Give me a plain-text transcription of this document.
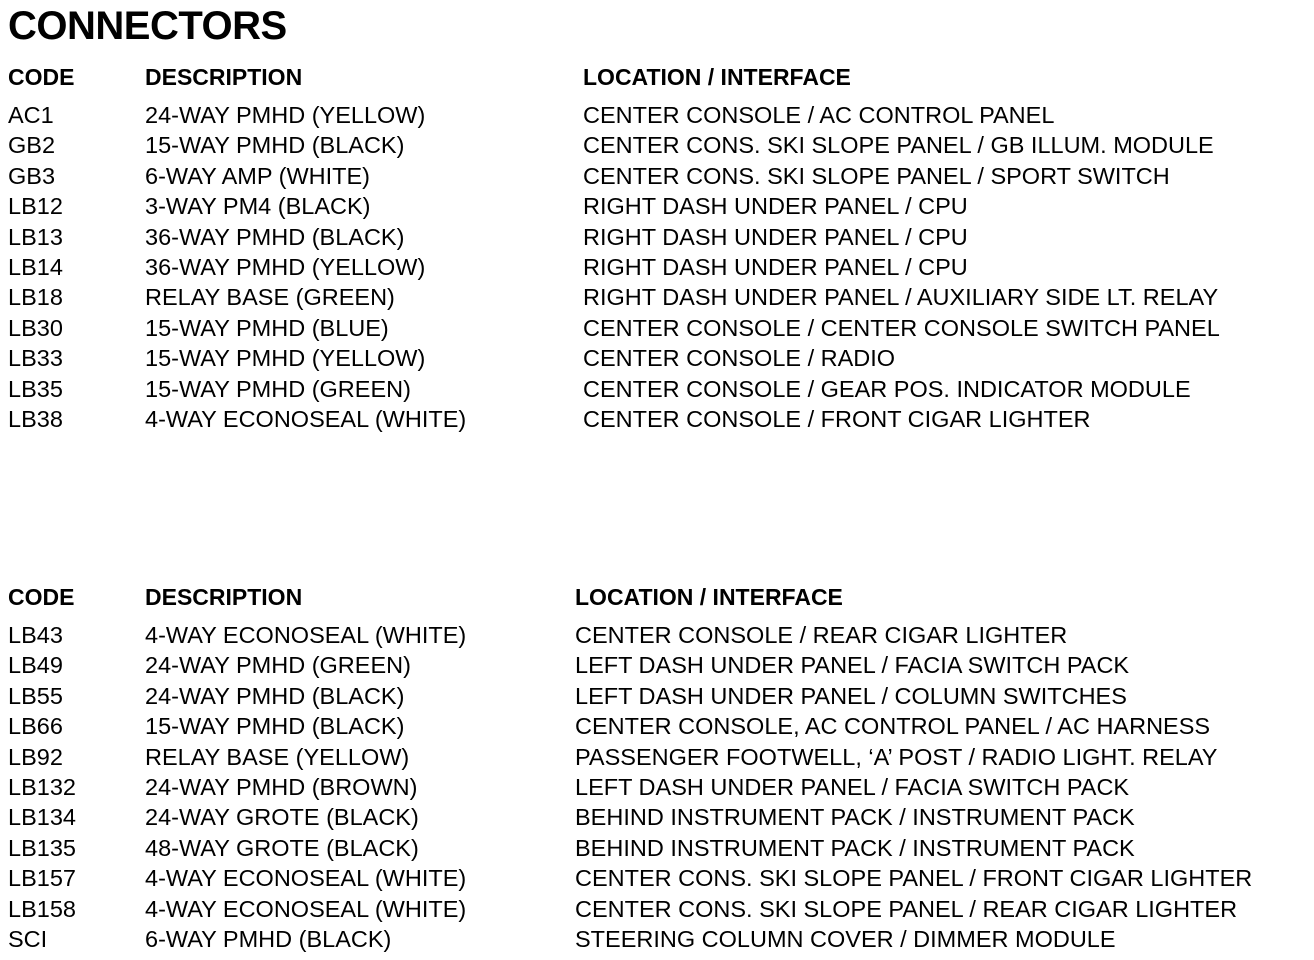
CONNECTORS
CODE	DESCRIPTION	LOCATION / INTERFACE
AC1	24-WAY PMHD (YELLOW)	CENTER CONSOLE / AC CONTROL PANEL
GB2	15-WAY PMHD (BLACK)	CENTER CONS. SKI SLOPE PANEL / GB ILLUM. MODULE
GB3	6-WAY AMP (WHITE)	CENTER CONS. SKI SLOPE PANEL / SPORT SWITCH
LB12	3-WAY PM4 (BLACK)	RIGHT DASH UNDER PANEL / CPU
LB13	36-WAY PMHD (BLACK)	RIGHT DASH UNDER PANEL / CPU
LB14	36-WAY PMHD (YELLOW)	RIGHT DASH UNDER PANEL / CPU
LB18	RELAY BASE (GREEN)	RIGHT DASH UNDER PANEL / AUXILIARY SIDE LT. RELAY
LB30	15-WAY PMHD (BLUE)	CENTER CONSOLE / CENTER CONSOLE SWITCH PANEL
LB33	15-WAY PMHD (YELLOW)	CENTER CONSOLE / RADIO
LB35	15-WAY PMHD (GREEN)	CENTER CONSOLE / GEAR POS. INDICATOR MODULE
LB38	4-WAY ECONOSEAL (WHITE)	CENTER CONSOLE / FRONT CIGAR LIGHTER
CODE	DESCRIPTION	LOCATION / INTERFACE
LB43	4-WAY ECONOSEAL (WHITE)	CENTER CONSOLE / REAR CIGAR LIGHTER
LB49	24-WAY PMHD (GREEN)	LEFT DASH UNDER PANEL / FACIA SWITCH PACK
LB55	24-WAY PMHD (BLACK)	LEFT DASH UNDER PANEL / COLUMN SWITCHES
LB66	15-WAY PMHD (BLACK)	CENTER CONSOLE, AC CONTROL PANEL / AC HARNESS
LB92	RELAY BASE (YELLOW)	PASSENGER FOOTWELL, ‘A’ POST / RADIO LIGHT. RELAY
LB132	24-WAY PMHD (BROWN)	LEFT DASH UNDER PANEL / FACIA SWITCH PACK
LB134	24-WAY GROTE (BLACK)	BEHIND INSTRUMENT PACK / INSTRUMENT PACK
LB135	48-WAY GROTE (BLACK)	BEHIND INSTRUMENT PACK / INSTRUMENT PACK
LB157	4-WAY ECONOSEAL (WHITE)	CENTER CONS. SKI SLOPE PANEL / FRONT CIGAR LIGHTER
LB158	4-WAY ECONOSEAL (WHITE)	CENTER CONS. SKI SLOPE PANEL / REAR CIGAR LIGHTER
SCI	6-WAY PMHD (BLACK)	STEERING COLUMN COVER / DIMMER MODULE
